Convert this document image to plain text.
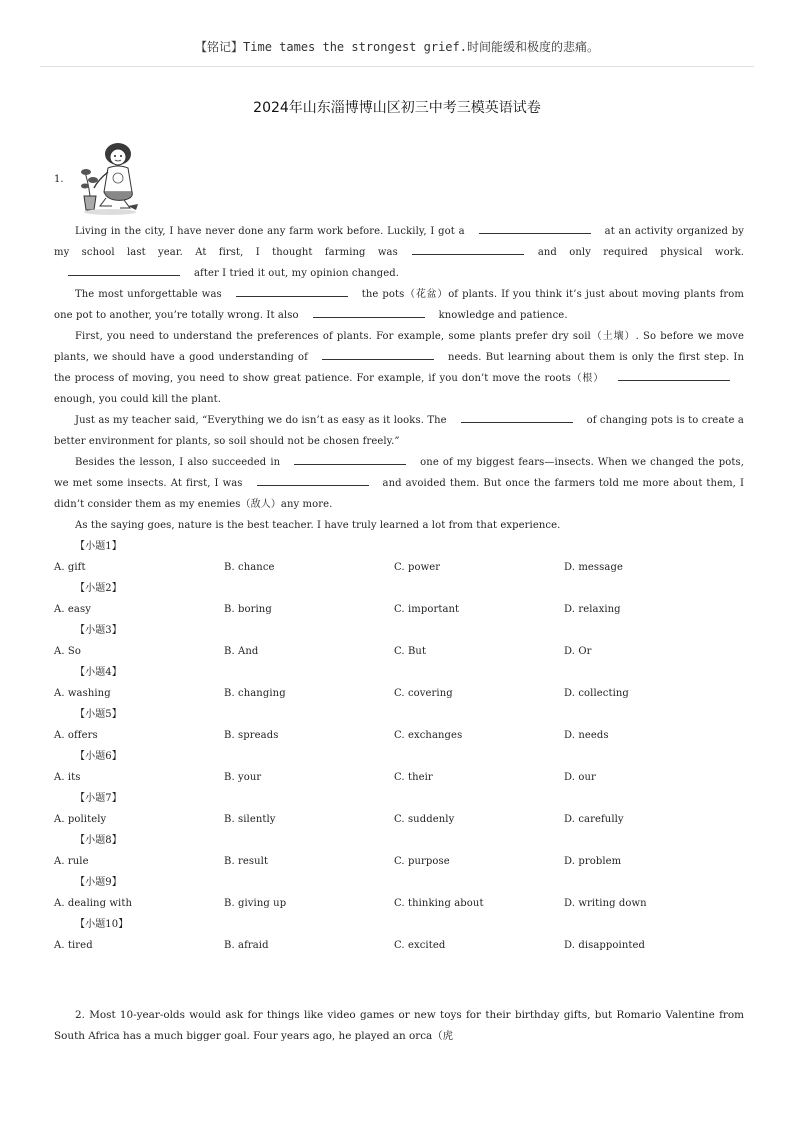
【铭记】Time tames the strongest grief.时间能缓和极度的悲痛。
2024年山东淄博博山区初三中考三模英语试卷
1.

Living in the city, I have never done any farm work before. Luckily, I got a	at an activity organized by my school last year. At first, I thought farming was	and only required physical work.after I tried it out, my opinion changed.

The most unforgettable was	the pots（花盆）of plants. If you think it’s just about moving plants from one pot to another, you’re totally wrong. It also	knowledge and patience.

First, you need to understand the preferences of plants. For example, some plants prefer dry soil（土壤）. So before we move plants, we should have a good understanding of	needs. But learning about them is only the first step. In the process of moving, you need to show great patience. For example, if you don’t move the roots（根）enough, you could kill the plant.

Just as my teacher said, “Everything we do isn’t as easy as it looks. The	of changing pots is to create a better environment for plants, so soil should not be chosen freely.”

Besides the lesson, I also succeeded in	one of my biggest fears—insects. When we changed the pots, we met some insects. At first, I was	and avoided them. But once the farmers told me more about them, I didn’t consider them as my enemies（敌人）any more.

As the saying goes, nature is the best teacher. I have truly learned a lot from that experience.

【小题1】

A. gift	B. chance	C. power	D. message

【小题2】

A. easy	B. boring	C. important	D. relaxing

【小题3】

A. So	B. And	C. But	D. Or

【小题4】

A. washing	B. changing	C. covering	D. collecting

【小题5】

A. offers	B. spreads	C. exchanges	D. needs

【小题6】

A. its	B. your	C. their	D. our

【小题7】

A. politely	B. silently	C. suddenly	D. carefully

【小题8】

A. rule	B. result	C. purpose	D. problem

【小题9】

A. dealing with	B. giving up	C. thinking about	D. writing down

【小题10】

A. tired	B. afraid	C. excited	D. disappointed

2. Most 10-year-olds would ask for things like video games or new toys for their birthday gifts, but Romario Valentine from South Africa has a much bigger goal. Four years ago, he played an orca（虎
